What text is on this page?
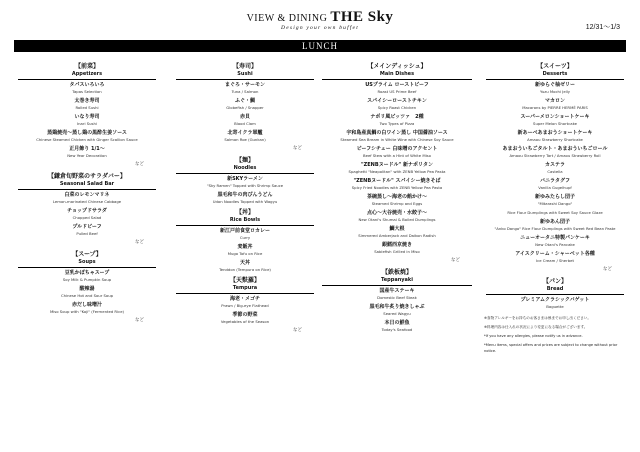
VIEW & DINING THE Sky
Design your own buffet	12/31～1/3
LUNCH
【前菜】
Appetizers
タパスいろいろ
Tapas Selection
太巻き寿司
Rolled Sushi
いなり寿司
Inari Sushi
蒸鶏焼売～蒸し鶏の黒酢生姜ソース
Chinese Steamed Chicken with Ginger Scallion Sauce
正月飾り 1/1～
New Year Decoration
など
【鎌倉旬野菜のサラダバー】
Seasonal Salad Bar
白菜のレモンマリネ
Lemon-marinated Chinese Cabbage
チョップドサラダ
Chopped Salad
プルドビーフ
Pulled Beef
など
【スープ】
Soups
豆乳かぼちゃスープ
Soy Milk & Pumpkin Soup
酸辣湯
Chinese Hot and Sour Soup
赤だし味噌汁
Miso Soup with "Koji" (Fermented Rice)
など
【寿司】
Sushi
まぐろ・サーモン
Tuna / Salmon
ふぐ・鯛
Globefish / Snapper
赤貝
Blood Clam
北寄イクラ軍艦
Salmon Roe (Gunkan)
など
【麺】
Noodles
新SKYラーメン
"Sky Ramen" Topped with Shrimp Sauce
黒毛和牛の肉ぴんうどん
Udon Noodles Topped with Wagyu
【丼】
Rice Bowls
新江戸前食堂ロカレー
Curry
麦飯丼
Mugo Tofu on Rice
天丼
Tenddon (Tempura on Rice)
【天麩羅】
Tempura
海老・メゴチ
Prawn / Big-eye Flathead
季節の野菜
Vegetables of the Season
など
【メインディッシュ】
Main Dishes
USプライム ローストビーフ
Roast US Prime Beef
スパイシーローストチキン
Spicy Roast Chicken
ナポリ風ピッツァ　2種
Two Types of Pizza
宇和島産真鯛の白ワイン蒸し 中国醤油ソース
Steamed Sea Bream in White Wine with Chinese Soy Sauce
ビーフシチュー 白味噌のアクセント
Beef Stew with a Hint of White Miso
"ZENBヌードル" 新ナポリタン
Spaghetti "Neapolitan" with ZENB Yellow Pea Pasta
"ZENBヌードル" スパイシー焼きそば
Spicy Fried Noodles with ZENB Yellow Pea Pasta
茶碗蒸し～海老の餡かけ～
Steamed Shrimp and Eggs
点心～大谷焼売・水餃子～
New Otani's Shumai & Boiled Dumplings
鰤大根
Simmered Amberjack and Daikon Radish
銀鱈西京焼き
Sablefish Grilled in Miso
など
【鉄板焼】
Teppanyaki
国産牛ステーキ
Domestic Beef Steak
黒毛和牛炙り焼きしゃぶ
Seared Wagyu
本日の鮮魚
Today's Seafood
【スイーツ】
Desserts
新ゆらぐ柚ゼリー
Yuzu Mochi Jelly
マカロン
Macarons by PIERRE HERMÉ PARIS
スーパーメロンショートケーキ
Super Melon Shortcake
新あーべあまおうショートケーキ
Amaou Strawberry Shortcake
あまおういちごタルト・あまおういちごロール
Amaou Strawberry Tart / Amaou Strawberry Roll
カステラ
Castella
バニラタグフ
Vanilla Gugelhupf
新ゆみたらし団子
"Mitarashi Dango"
Rice Flour Dumplings with Sweet Soy Sauce Glaze
新ゆあん団子
"Anko Dango" Rice Flour Dumplings with Sweet Red Bean Paste
ニューオータニ特製パンケーキ
New Otani's Pancake
アイスクリーム・シャーベット各種
Ice Cream / Sherbet
など
【パン】
Bread
プレミアムクラシックバゲット
Baguette
※食物アレルギーをお持ちのお客さまは係までお申し出ください。
※料理内容は仕入れの状況により変更になる場合がございます。
*If you have any allergies, please notify us in advance.
*Menu items, special offers and prices are subject to change without prior notice.
